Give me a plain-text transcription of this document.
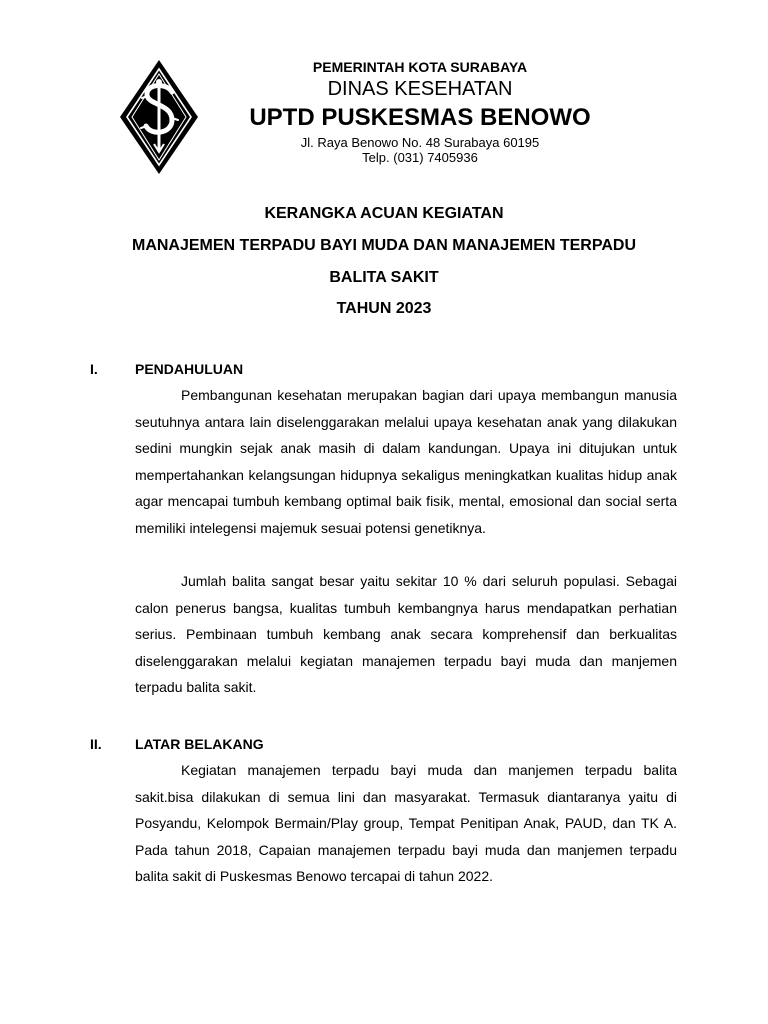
PEMERINTAH KOTA SURABAYA
DINAS KESEHATAN
UPTD PUSKESMAS BENOWO
Jl. Raya Benowo No. 48 Surabaya 60195
Telp. (031) 7405936
KERANGKA ACUAN KEGIATAN
MANAJEMEN TERPADU BAYI MUDA DAN MANAJEMEN TERPADU
BALITA SAKIT
TAHUN 2023
I.	PENDAHULUAN

Pembangunan kesehatan merupakan bagian dari upaya membangun manusia seutuhnya antara lain diselenggarakan melalui upaya kesehatan anak yang dilakukan sedini mungkin sejak anak masih di dalam kandungan. Upaya ini ditujukan untuk mempertahankan kelangsungan hidupnya sekaligus meningkatkan kualitas hidup anak agar mencapai tumbuh kembang optimal baik fisik, mental, emosional dan social serta memiliki intelegensi majemuk sesuai potensi genetiknya.

Jumlah balita sangat besar yaitu sekitar 10 % dari seluruh populasi. Sebagai calon penerus bangsa, kualitas tumbuh kembangnya harus mendapatkan perhatian serius. Pembinaan tumbuh kembang anak secara komprehensif dan berkualitas diselenggarakan melalui kegiatan manajemen terpadu bayi muda dan manjemen terpadu balita sakit.

II. LATAR BELAKANG

Kegiatan manajemen terpadu bayi muda dan manjemen terpadu balita sakit.bisa dilakukan di semua lini dan masyarakat. Termasuk diantaranya yaitu di Posyandu, Kelompok Bermain/Play group, Tempat Penitipan Anak, PAUD, dan TK A. Pada tahun 2018, Capaian manajemen terpadu bayi muda dan manjemen terpadu balita sakit di Puskesmas Benowo tercapai di tahun 2022.
